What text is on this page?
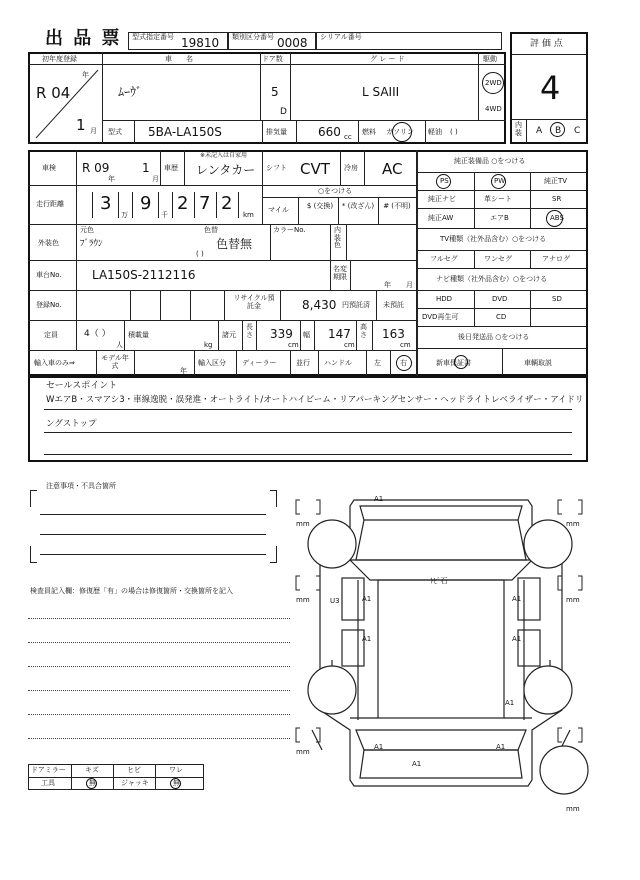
出 品 票 型式指定番号 19810 類別区分番号 0008 シリアル番号
評 価 点
4
内装 A B C
初年度登録
年
R 04
1 月
車　　名
ﾑｰｳﾞ
ドア数
5
D
グ レ ー ド
L SAIII
駆動
2WD
4WD
型式 5BA-LA150S	排気量	660 cc
燃料 ガソリン 軽油 ( )
車検 R 09
年
1
月
車歴
※未記入は自家用
レンタカー シフト CVT 冷房 AC
走行距離 3
万
9
千
2 7 2
km
○をつける
マイル	$ (交換)	* (改ざん)	# (不明)
外装色
元色
ﾌﾞﾗｳﾝ
色替
色替無
( )
カラーNo.	内装色
車台No.	LA150S-2112116	名変期限
年 月
登録No.
リサイクル預託金	8,430 円預託済 未預託
定員	4（ ）
人
積載量
kg
諸元
長さ 339
cm
幅 147
cm
高さ 163
cm
輸入車のみ⇒
モデル年式
年
輸入区分 ディーラー	並行 ハンドル	左	右
純正装備品 ○をつける
PS	PW	純正TV
純正ナビ	革シート	SR
純正AW	エアB	ABS
TV種類（社外品含む）○をつける
フルセグ	ワンセグ	アナログ
ナビ種類（社外品含む）○をつける
HDD	DVD	SD
DVD再生可	CD
後日発送品 ○をつける
新車保証書	車輌取説
セールスポイント
WエアB・スマアシ3・車線逸脱・誤発進・オートライト/オートハイビーム・リアパーキングセンサー・ヘッドライトレベライザー・アイドリ
ングストップ
注意事項・不具合箇所
検査員記入欄：修復歴「有」の場合は修復箇所・交換箇所を記入
ドアミラー	キズ	ヒビ	ワレ
工具	無	ジャッキ	無
mm	mm
mm	mm
mm
mm
A1
ﾄﾋﾞ石
A1	A1
U3
A1	A1
A1
A1	A1
A1
